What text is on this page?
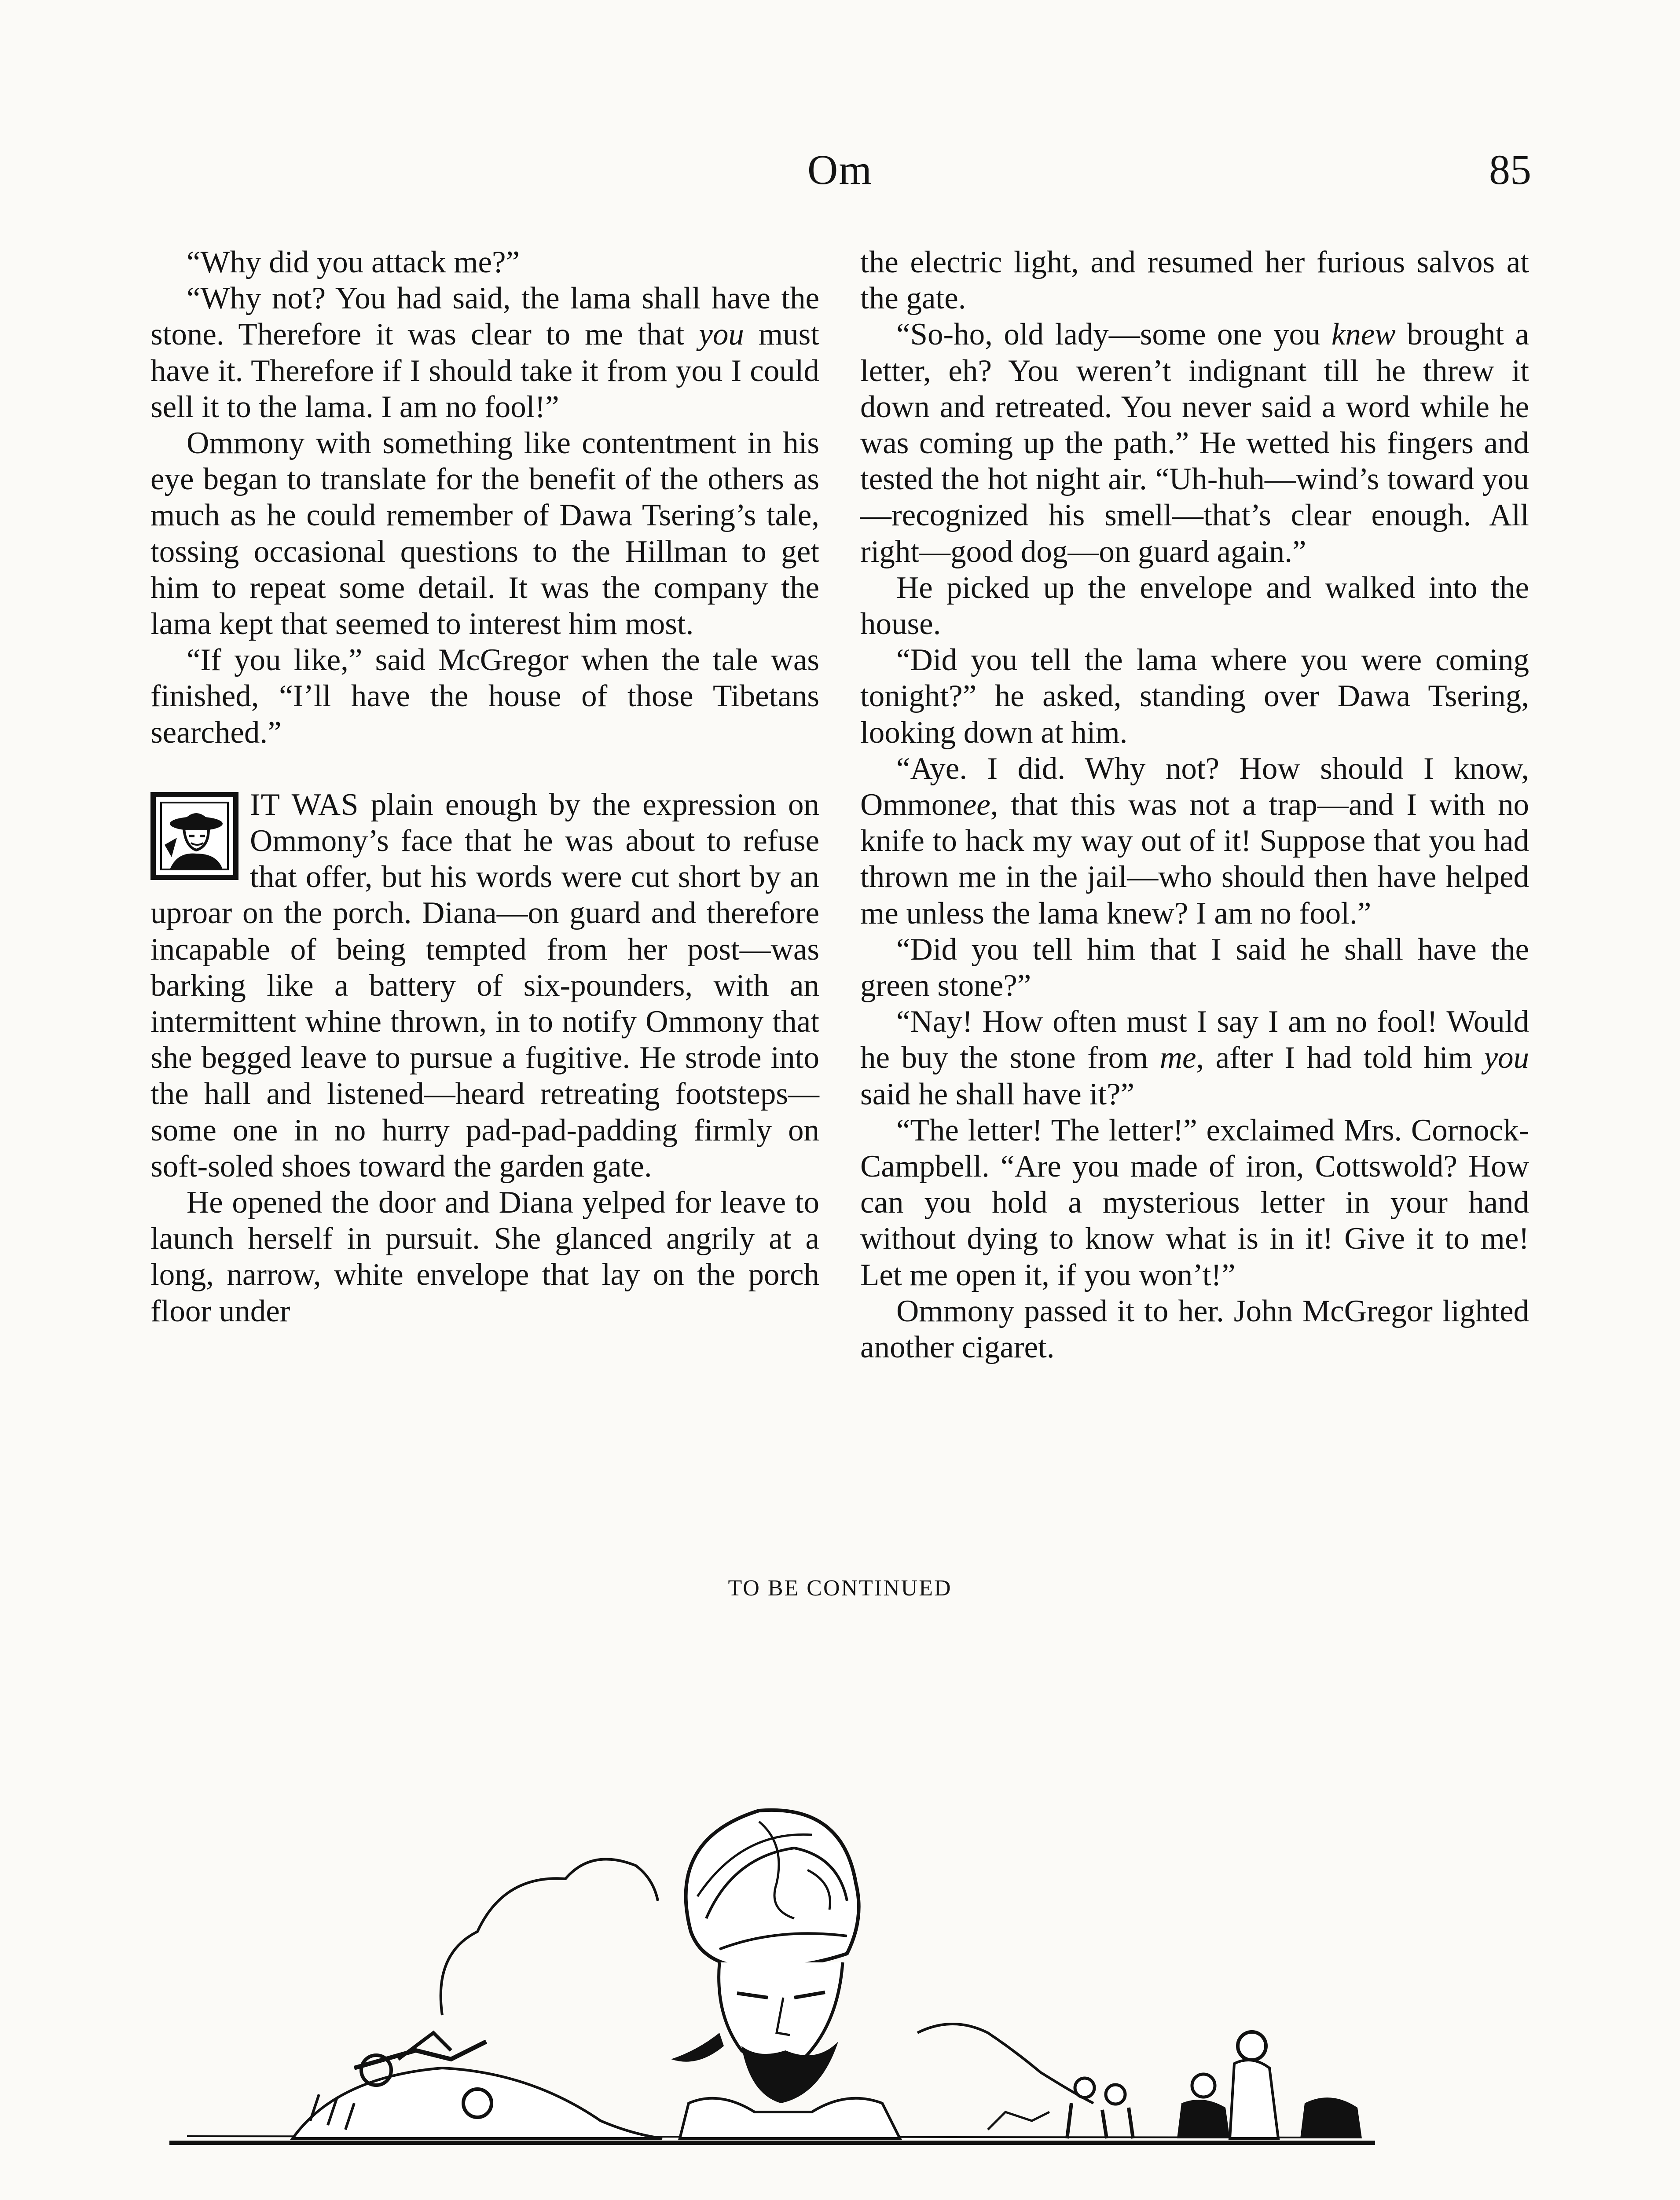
Om	85

“Why did you attack me?”

“Why not? You had said, the lama shall have the stone. Therefore it was clear to me that you must have it. Therefore if I should take it from you I could sell it to the lama. I am no fool!”

Ommony with something like contentment in his eye began to translate for the benefit of the others as much as he could remember of Dawa Tsering’s tale, tossing occasional questions to the Hillman to get him to repeat some detail. It was the company the lama kept that seemed to interest him most.

“If you like,” said McGregor when the tale was finished, “I’ll have the house of those Tibetans searched.”

IT WAS plain enough by the expression on Ommony’s face that he was about to refuse that offer, but his words were cut short by an uproar on the porch. Diana—on guard and therefore incapable of being tempted from her post—was barking like a battery of six-pounders, with an intermittent whine thrown, in to notify Ommony that she begged leave to pursue a fugitive. He strode into the hall and listened—heard retreating footsteps—some one in no hurry pad-pad-padding firmly on soft-soled shoes toward the garden gate.

He opened the door and Diana yelped for leave to launch herself in pursuit. She glanced angrily at a long, narrow, white envelope that lay on the porch floor under

the electric light, and resumed her furious salvos at the gate.

“So-ho, old lady—some one you knew brought a letter, eh? You weren’t indignant till he threw it down and retreated. You never said a word while he was coming up the path.” He wetted his fingers and tested the hot night air. “Uh-huh—wind’s toward you—recognized his smell—that’s clear enough. All right—good dog—on guard again.”

He picked up the envelope and walked into the house.

“Did you tell the lama where you were coming tonight?” he asked, standing over Dawa Tsering, looking down at him.

“Aye. I did. Why not? How should I know, Ommonee, that this was not a trap—and I with no knife to hack my way out of it! Suppose that you had thrown me in the jail—who should then have helped me unless the lama knew? I am no fool.”

“Did you tell him that I said he shall have the green stone?”

“Nay! How often must I say I am no fool! Would he buy the stone from me, after I had told him you said he shall have it?”

“The letter! The letter!” exclaimed Mrs. Cornock-Campbell. “Are you made of iron, Cottswold? How can you hold a mysterious letter in your hand without dying to know what is in it! Give it to me! Let me open it, if you won’t!”

Ommony passed it to her. John McGregor lighted another cigaret.

TO BE CONTINUED
